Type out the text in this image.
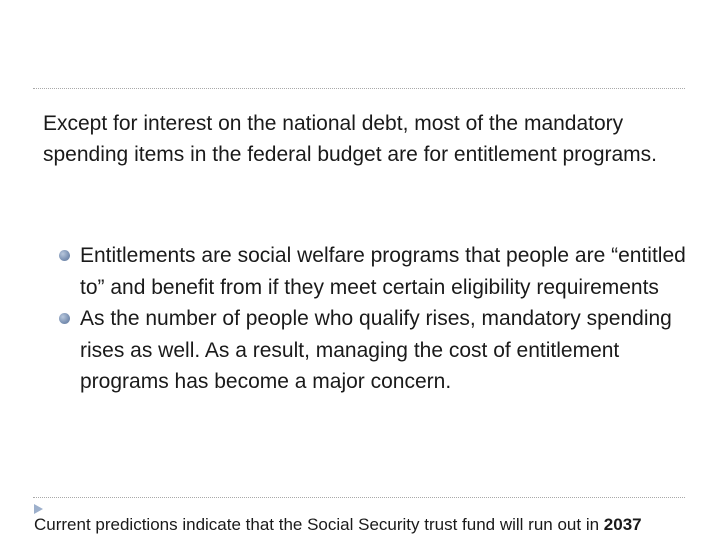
Except for interest on the national debt, most of the mandatory spending items in the federal budget are for entitlement programs.

Entitlements are social welfare programs that people are “entitled to” and benefit from if they meet certain eligibility requirements
As the number of people who qualify rises, mandatory spending rises as well. As a result, managing the cost of entitlement programs has become a major concern.

Current predictions indicate that the Social Security trust fund will run out in 2037
